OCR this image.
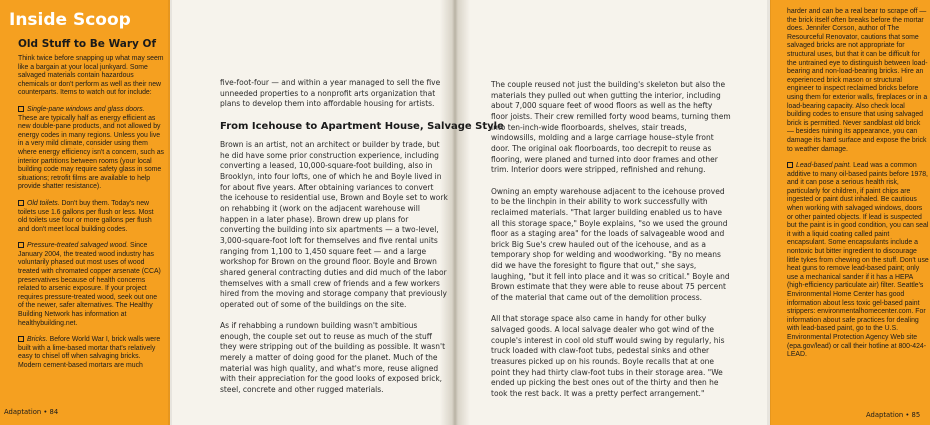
Inside Scoop
Old Stuff to Be Wary Of

Think twice before snapping up what may seem like a bargain at your local junkyard. Some salvaged materials contain hazardous chemicals or don't perform as well as their new counterparts. Items to watch out for include:

Single-pane windows and glass doors. These are typically half as energy efficient as new double-pane products, and not allowed by energy codes in many regions. Unless you live in a very mild climate, consider using them where energy efficiency isn't a concern, such as interior partitions between rooms (your local building code may require safety glass in some situations; retrofit films are available to help provide shatter resistance).

Old toilets. Don't buy them. Today's new toilets use 1.6 gallons per flush or less. Most old toilets use four or more gallons per flush and don't meet local building codes.

Pressure-treated salvaged wood. Since January 2004, the treated wood industry has voluntarily phased out most uses of wood treated with chromated copper arsenate (CCA) preservatives because of health concerns related to arsenic exposure. If your project requires pressure-treated wood, seek out one of the newer, safer alternatives. The Healthy Building Network has information at healthybuilding.net.

Bricks. Before World War I, brick walls were built with a lime-based mortar that's relatively easy to chisel off when salvaging bricks. Modern cement-based mortars are much

five-foot-four — and within a year managed to sell the five unneeded properties to a nonprofit arts organization that plans to develop them into affordable housing for artists.

From Icehouse to Apartment House, Salvage Style

Brown is an artist, not an architect or builder by trade, but he did have some prior construction experience, including converting a leased, 10,000-square-foot building, also in Brooklyn, into four lofts, one of which he and Boyle lived in for about five years. After obtaining variances to convert the icehouse to residential use, Brown and Boyle set to work on rehabbing it (work on the adjacent warehouse will happen in a later phase). Brown drew up plans for converting the building into six apartments — a two-level, 3,000-square-foot loft for themselves and five rental units ranging from 1,100 to 1,450 square feet — and a large workshop for Brown on the ground floor. Boyle and Brown shared general contracting duties and did much of the labor themselves with a small crew of friends and a few workers hired from the moving and storage company that previously operated out of some of the buildings on the site.

As if rehabbing a rundown building wasn't ambitious enough, the couple set out to reuse as much of the stuff they were stripping out of the building as possible. It wasn't merely a matter of doing good for the planet. Much of the material was high quality, and what's more, reuse aligned with their appreciation for the good looks of exposed brick, steel, concrete and other rugged materials.

The couple reused not just the building's skeleton but also the materials they pulled out when gutting the interior, including about 7,000 square feet of wood floors as well as the hefty floor joists. Their crew remilled forty wood beams, turning them into ten-inch-wide floorboards, shelves, stair treads, windowsills, molding and a large carriage house–style front door. The original oak floorboards, too decrepit to reuse as flooring, were planed and turned into door frames and other trim. Interior doors were stripped, refinished and rehung.

Owning an empty warehouse adjacent to the icehouse proved to be the linchpin in their ability to work successfully with reclaimed materials. "That larger building enabled us to have all this storage space," Boyle explains, "so we used the ground floor as a staging area" for the loads of salvageable wood and brick Big Sue's crew hauled out of the icehouse, and as a temporary shop for welding and woodworking. "By no means did we have the foresight to figure that out," she says, laughing, "but it fell into place and it was so critical." Boyle and Brown estimate that they were able to reuse about 75 percent of the material that came out of the demolition process.

All that storage space also came in handy for other bulky salvaged goods. A local salvage dealer who got wind of the couple's interest in cool old stuff would swing by regularly, his truck loaded with claw-foot tubs, pedestal sinks and other treasures picked up on his rounds. Boyle recalls that at one point they had thirty claw-foot tubs in their storage area. "We ended up picking the best ones out of the thirty and then he took the rest back. It was a pretty perfect arrangement."

harder and can be a real bear to scrape off — the brick itself often breaks before the mortar does. Jennifer Corson, author of The Resourceful Renovator, cautions that some salvaged bricks are not appropriate for structural uses, but that it can be difficult for the untrained eye to distinguish between load-bearing and non-load-bearing bricks. Hire an experienced brick mason or structural engineer to inspect reclaimed bricks before using them for exterior walls, fireplaces or in a load-bearing capacity. Also check local building codes to ensure that using salvaged brick is permitted. Never sandblast old brick — besides ruining its appearance, you can damage its hard surface and expose the brick to weather damage.

Lead-based paint. Lead was a common additive to many oil-based paints before 1978, and it can pose a serious health risk, particularly for children, if paint chips are ingested or paint dust inhaled. Be cautious when working with salvaged windows, doors or other painted objects. If lead is suspected but the paint is in good condition, you can seal it with a liquid coating called paint encapsulant. Some encapsulants include a nontoxic but bitter ingredient to discourage little tykes from chewing on the stuff. Don't use heat guns to remove lead-based paint; only use a mechanical sander if it has a HEPA (high-efficiency particulate air) filter. Seattle's Environmental Home Center has good information about less toxic gel-based paint strippers: environmentalhomecenter.com. For information about safe practices for dealing with lead-based paint, go to the U.S. Environmental Protection Agency Web site (epa.gov/lead) or call their hotline at 800-424-LEAD.

Adaptation • 84	Adaptation • 85
